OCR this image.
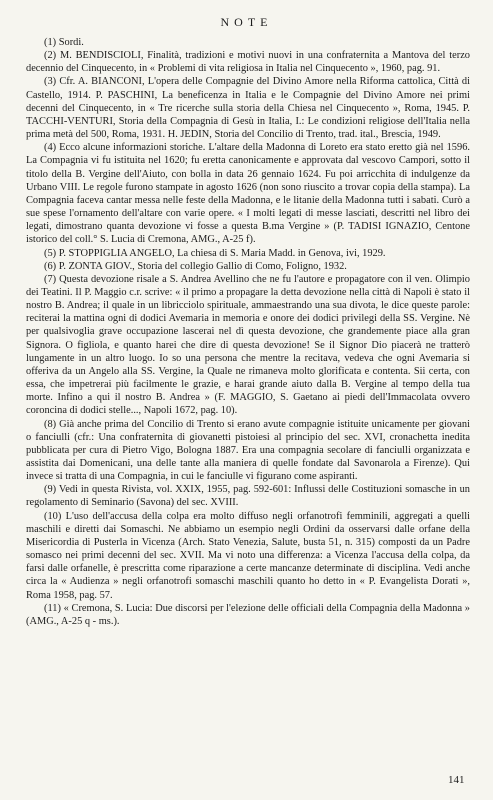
NOTE

(1) Sordi.

(2) M. BENDISCIOLI, Finalità, tradizioni e motivi nuovi in una confraternita a Mantova del terzo decennio del Cinquecento, in « Problemi di vita religiosa in Italia nel Cinquecento », 1960, pag. 91.

(3) Cfr. A. BIANCONI, L'opera delle Compagnie del Divino Amore nella Riforma cattolica, Città di Castello, 1914. P. PASCHINI, La beneficenza in Italia e le Compagnie del Divino Amore nei primi decenni del Cinquecento, in « Tre ricerche sulla storia della Chiesa nel Cinquecento », Roma, 1945. P. TACCHI-VENTURI, Storia della Compagnia di Gesù in Italia, I.: Le condizioni religiose dell'Italia nella prima metà del 500, Roma, 1931. H. JEDIN, Storia del Concilio di Trento, trad. ital., Brescia, 1949.

(4) Ecco alcune informazioni storiche. L'altare della Madonna di Loreto era stato eretto già nel 1596. La Compagnia vi fu istituita nel 1620; fu eretta canonicamente e approvata dal vescovo Campori, sotto il titolo della B. Vergine dell'Aiuto, con bolla in data 26 gennaio 1624. Fu poi arricchita di indulgenze da Urbano VIII. Le regole furono stampate in agosto 1626 (non sono riuscito a trovar copia della stampa). La Compagnia faceva cantar messa nelle feste della Madonna, e le litanie della Madonna tutti i sabati. Curò a sue spese l'ornamento dell'altare con varie opere. « I molti legati di messe lasciati, descritti nel libro dei legati, dimostrano quanta devozione vi fosse a questa B.ma Vergine » (P. TADISI IGNAZIO, Centone istorico del coll.° S. Lucia di Cremona, AMG., A-25 f).

(5) P. STOPPIGLIA ANGELO, La chiesa di S. Maria Madd. in Genova, ivi, 1929.

(6) P. ZONTA GIOV., Storia del collegio Gallio di Como, Foligno, 1932.

(7) Questa devozione risale a S. Andrea Avellino che ne fu l'autore e propagatore con il ven. Olimpio dei Teatini. Il P. Maggio c.r. scrive: « il primo a propagare la detta devozione nella città di Napoli è stato il nostro B. Andrea; il quale in un libricciolo spirituale, ammaestrando una sua divota, le dice queste parole: reciterai la mattina ogni di dodici Avemaria in memoria e onore dei dodici privilegi della SS. Vergine. Nè per qualsivoglia grave occupazione lascerai nel dì questa devozione, che grandemente piace alla gran Signora. O figliola, e quanto harei che dire di questa devozione! Se il Signor Dio piacerà ne tratterò lungamente in un altro luogo. Io so una persona che mentre la recitava, vedeva che ogni Avemaria si offeriva da un Angelo alla SS. Vergine, la Quale ne rimaneva molto glorificata e contenta. Sii certa, con essa, che impetrerai più facilmente le grazie, e harai grande aiuto dalla B. Vergine al tempo della tua morte. Infino a qui il nostro B. Andrea » (F. MAGGIO, S. Gaetano ai piedi dell'Immacolata ovvero coroncina di dodici stelle..., Napoli 1672, pag. 10).

(8) Già anche prima del Concilio di Trento si erano avute compagnie istituite unicamente per giovani o fanciulli (cfr.: Una confraternita di giovanetti pistoiesi al principio del sec. XVI, cronachetta inedita pubblicata per cura di Pietro Vigo, Bologna 1887. Era una compagnia secolare di fanciulli organizzata e assistita dai Domenicani, una delle tante alla maniera di quelle fondate dal Savonarola a Firenze). Qui invece si tratta di una Compagnia, in cui le fanciulle vi figurano come aspiranti.

(9) Vedi in questa Rivista, vol. XXIX, 1955, pag. 592-601: Influssi delle Costituzioni somasche in un regolamento di Seminario (Savona) del sec. XVIII.

(10) L'uso dell'accusa della colpa era molto diffuso negli orfanotrofi femminili, aggregati a quelli maschili e diretti dai Somaschi. Ne abbiamo un esempio negli Ordini da osservarsi dalle orfane della Misericordia di Pusterla in Vicenza (Arch. Stato Venezia, Salute, busta 51, n. 315) composti da un Padre somasco nei primi decenni del sec. XVII. Ma vi noto una differenza: a Vicenza l'accusa della colpa, da farsi dalle orfanelle, è prescritta come riparazione a certe mancanze determinate di disciplina. Vedi anche circa la « Audienza » negli orfanotrofi somaschi maschili quanto ho detto in « P. Evangelista Dorati », Roma 1958, pag. 57.

(11) « Cremona, S. Lucia: Due discorsi per l'elezione delle officiali della Compagnia della Madonna » (AMG., A-25 q - ms.).

141
